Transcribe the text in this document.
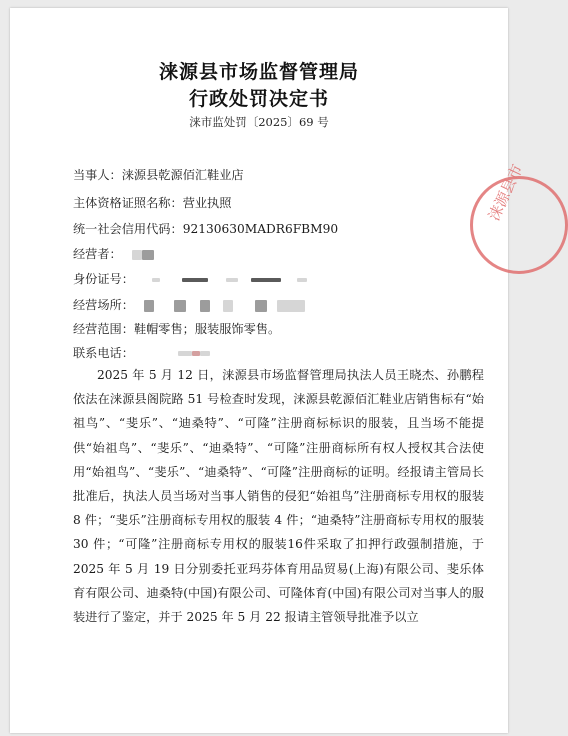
涞源县市场监督管理局
行政处罚决定书
涞市监处罚〔2025〕69 号
当事人：涞源县乾源佰汇鞋业店
主体资格证照名称：营业执照
统一社会信用代码：92130630MADR6FBM90
经营者：
身份证号：
经营场所：
经营范围：鞋帽零售；服装服饰零售。
联系电话：
2025 年 5 月 12 日，涞源县市场监督管理局执法人员王晓杰、孙鹏程依法在涞源县阁院路 51 号检查时发现，涞源县乾源佰汇鞋业店销售标有“始祖鸟”、“斐乐”、“迪桑特”、“可隆”注册商标标识的服装，且当场不能提供“始祖鸟”、“斐乐”、“迪桑特”、“可隆”注册商标所有权人授权其合法使用“始祖鸟”、“斐乐”、“迪桑特”、“可隆”注册商标的证明。经报请主管局长批准后，执法人员当场对当事人销售的侵犯“始祖鸟”注册商标专用权的服装 8 件；“斐乐”注册商标专用权的服装 4 件；“迪桑特”注册商标专用权的服装 30 件；“可隆”注册商标专用权的服装16件采取了扣押行政强制措施，于 2025 年 5 月 19 日分别委托亚玛芬体育用品贸易(上海)有限公司、斐乐体育有限公司、迪桑特(中国)有限公司、可隆体育(中国)有限公司对当事人的服装进行了鉴定，并于 2025 年 5 月 22 报请主管领导批准予以立
涞源县市
